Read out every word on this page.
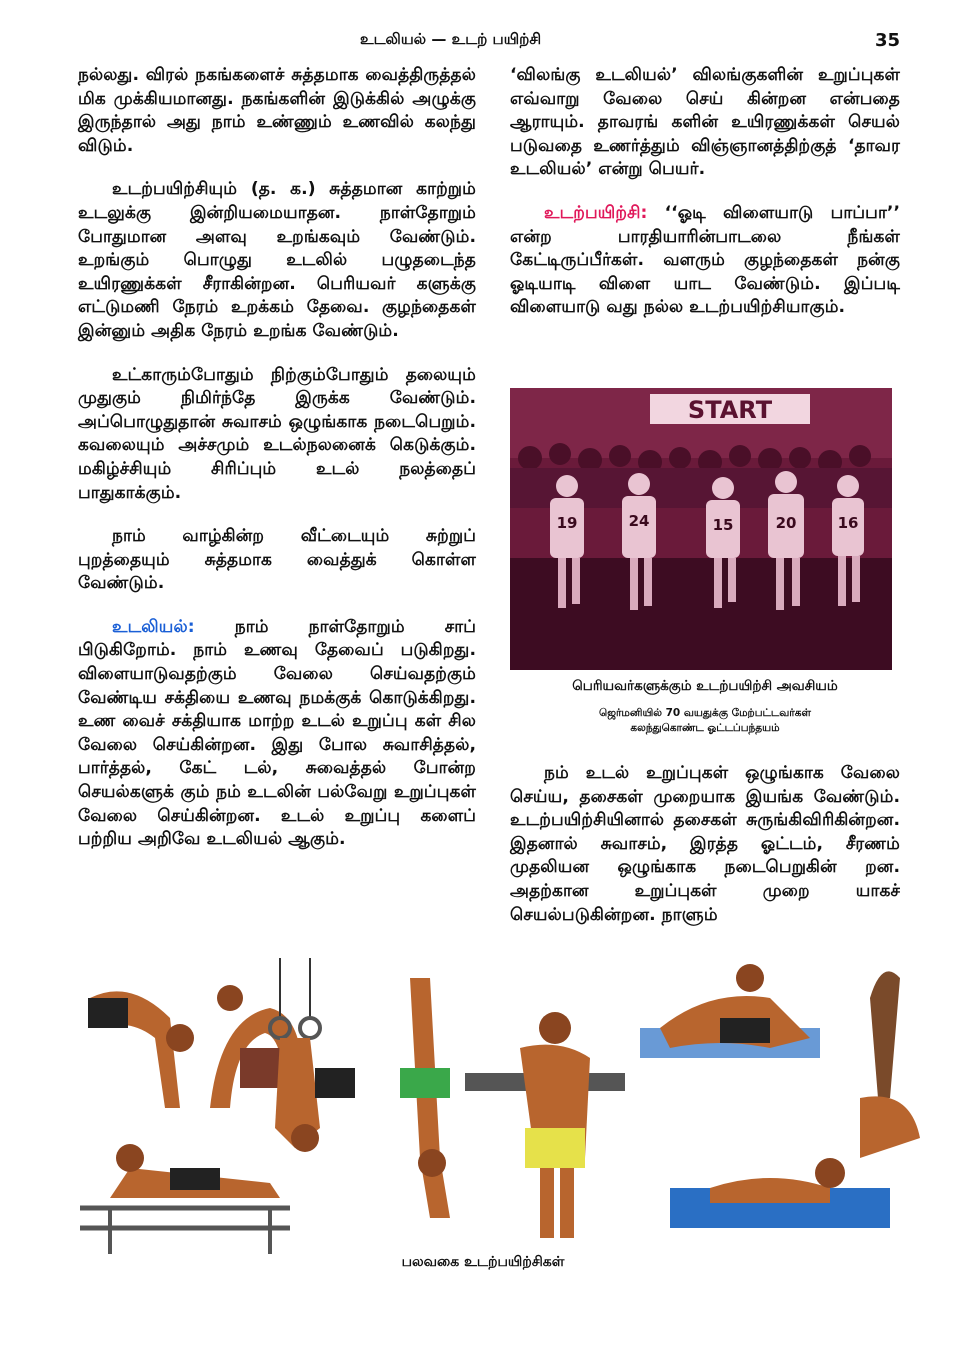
உடலியல் — உடற் பயிற்சி	35

நல்லது. விரல் நகங்களைச் சுத்தமாக வைத்திருத்தல் மிக முக்கியமானது. நகங்களின் இடுக்கில் அழுக்கு இருந்தால் அது நாம் உண்ணும் உணவில் கலந்து விடும்.

உடற்பயிற்சியும் (த. க.) சுத்தமான காற்றும் உடலுக்கு இன்றியமையாதன. நாள்தோறும் போதுமான அளவு உறங்கவும் வேண்டும். உறங்கும் பொழுது உடலில் பழுதடைந்த உயிரணுக்கள் சீராகின்றன. பெரியவர் களுக்கு எட்டுமணி நேரம் உறக்கம் தேவை. குழந்தைகள் இன்னும் அதிக நேரம் உறங்க வேண்டும்.

உட்காரும்போதும் நிற்கும்போதும் தலையும் முதுகும் நிமிர்ந்தே இருக்க வேண்டும். அப்பொழுதுதான் சுவாசம் ஒழுங்காக நடைபெறும். கவலையும் அச்சமும் உடல்நலனைக் கெடுக்கும். மகிழ்ச்சியும் சிரிப்பும் உடல் நலத்தைப் பாதுகாக்கும்.

நாம் வாழ்கின்ற வீட்டையும் சுற்றுப் புறத்தையும் சுத்தமாக வைத்துக் கொள்ள வேண்டும்.

உடலியல்: நாம் நாள்தோறும் சாப் பிடுகிறோம். நாம் உணவு தேவைப் படுகிறது. விளையாடுவதற்கும் வேலை செய்வதற்கும் வேண்டிய சக்தியை உணவு நமக்குக் கொடுக்கிறது. உண வைச் சக்தியாக மாற்ற உடல் உறுப்பு கள் சில வேலை செய்கின்றன. இது போல சுவாசித்தல், பார்த்தல், கேட் டல், சுவைத்தல் போன்ற செயல்களுக் கும் நம் உடலின் பல்வேறு உறுப்புகள் வேலை செய்கின்றன. உடல் உறுப்பு களைப் பற்றிய அறிவே உடலியல் ஆகும்.

‘விலங்கு உடலியல்’ விலங்குகளின் உறுப்புகள் எவ்வாறு வேலை செய் கின்றன என்பதை ஆராயும். தாவரங் களின் உயிரணுக்கள் செயல் படுவதை உணர்த்தும் விஞ்ஞானத்திற்குத் ‘தாவர உடலியல்’ என்று பெயர்.

உடற்பயிற்சி: ‘‘ஓடி விளையாடு பாப்பா’’ என்ற பாரதியாரின்பாடலை நீங்கள் கேட்டிருப்பீர்கள். வளரும் குழந்தைகள் நன்கு ஓடியாடி விளை யாட வேண்டும். இப்படி விளையாடு வது நல்ல உடற்பயிற்சியாகும்.

START
19	24	15	20	16
பெரியவர்களுக்கும் உடற்பயிற்சி அவசியம்
ஜெர்மனியில் 70 வயதுக்கு மேற்பட்டவர்கள்
கலந்துகொண்ட ஓட்டப்பந்தயம்

நம் உடல் உறுப்புகள் ஒழுங்காக வேலை செய்ய, தசைகள் முறையாக இயங்க வேண்டும். உடற்பயிற்சியினால் தசைகள் சுருங்கிவிரிகின்றன. இதனால் சுவாசம், இரத்த ஓட்டம், சீரணம் முதலியன ஒழுங்காக நடைபெறுகின் றன. அதற்கான உறுப்புகள் முறை யாகச் செயல்படுகின்றன. நாளும்

பலவகை உடற்பயிற்சிகள்
